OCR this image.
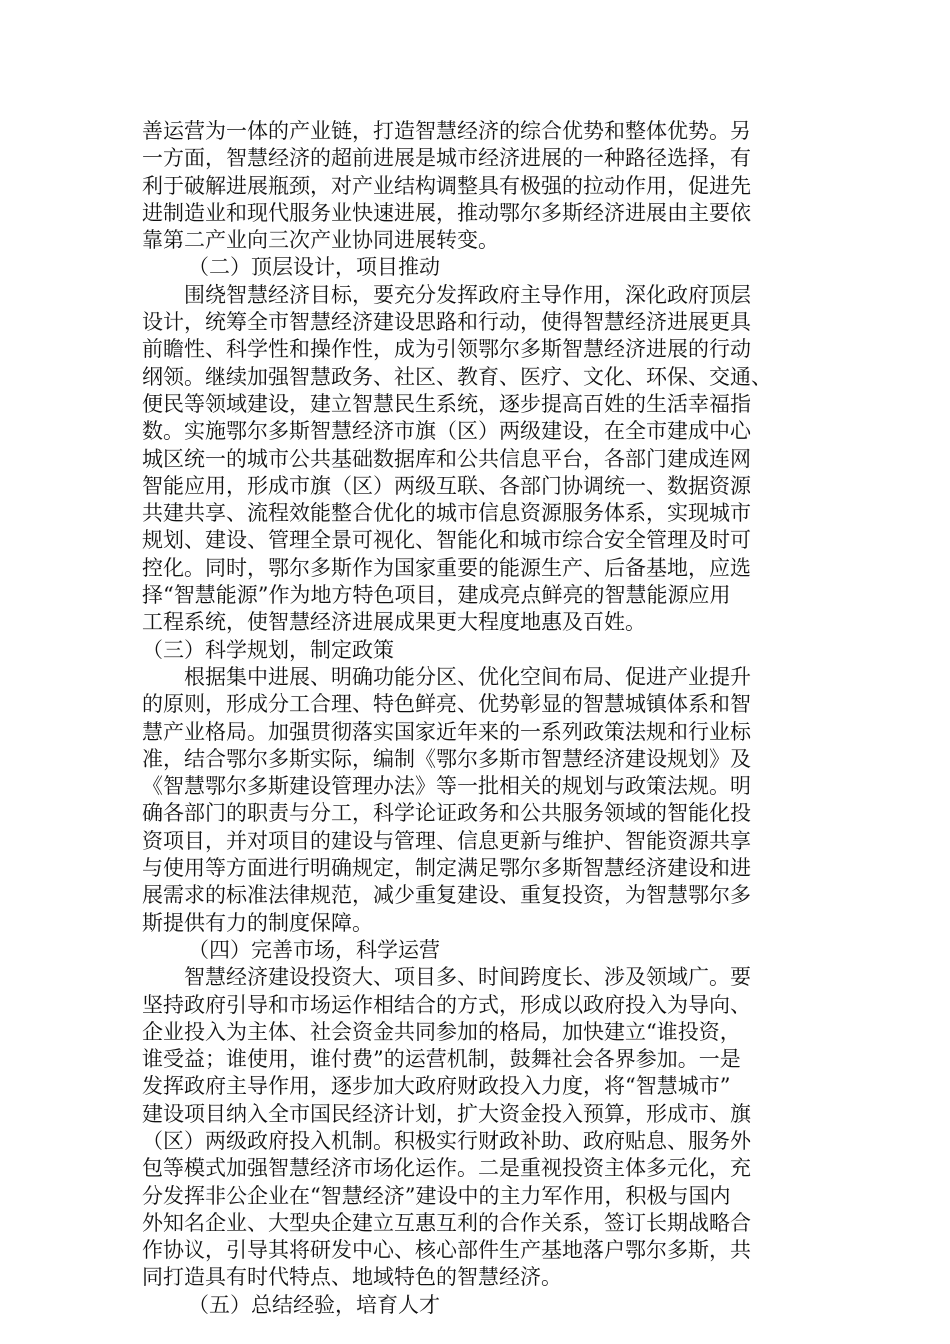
善运营为一体的产业链，打造智慧经济的综合优势和整体优势。另
一方面，智慧经济的超前进展是城市经济进展的一种路径选择，有
利于破解进展瓶颈，对产业结构调整具有极强的拉动作用，促进先
进制造业和现代服务业快速进展，推动鄂尔多斯经济进展由主要依
靠第二产业向三次产业协同进展转变。
（二）顶层设计，项目推动
围绕智慧经济目标，要充分发挥政府主导作用，深化政府顶层
设计，统筹全市智慧经济建设思路和行动，使得智慧经济进展更具
前瞻性、科学性和操作性，成为引领鄂尔多斯智慧经济进展的行动
纲领。继续加强智慧政务、社区、教育、医疗、文化、环保、交通、
便民等领域建设，建立智慧民生系统，逐步提高百姓的生活幸福指
数。实施鄂尔多斯智慧经济市旗（区）两级建设，在全市建成中心
城区统一的城市公共基础数据库和公共信息平台，各部门建成连网
智能应用，形成市旗（区）两级互联、各部门协调统一、数据资源
共建共享、流程效能整合优化的城市信息资源服务体系，实现城市
规划、建设、管理全景可视化、智能化和城市综合安全管理及时可
控化。同时，鄂尔多斯作为国家重要的能源生产、后备基地，应选
择“智慧能源”作为地方特色项目，建成亮点鲜亮的智慧能源应用
工程系统，使智慧经济进展成果更大程度地惠及百姓。
（三）科学规划，制定政策
根据集中进展、明确功能分区、优化空间布局、促进产业提升
的原则，形成分工合理、特色鲜亮、优势彰显的智慧城镇体系和智
慧产业格局。加强贯彻落实国家近年来的一系列政策法规和行业标
准，结合鄂尔多斯实际，编制《鄂尔多斯市智慧经济建设规划》及
《智慧鄂尔多斯建设管理办法》等一批相关的规划与政策法规。明
确各部门的职责与分工，科学论证政务和公共服务领域的智能化投
资项目，并对项目的建设与管理、信息更新与维护、智能资源共享
与使用等方面进行明确规定，制定满足鄂尔多斯智慧经济建设和进
展需求的标准法律规范，减少重复建设、重复投资，为智慧鄂尔多
斯提供有力的制度保障。
（四）完善市场，科学运营
智慧经济建设投资大、项目多、时间跨度长、涉及领域广。要
坚持政府引导和市场运作相结合的方式，形成以政府投入为导向、
企业投入为主体、社会资金共同参加的格局，加快建立“谁投资，
谁受益；谁使用，谁付费”的运营机制，鼓舞社会各界参加。一是
发挥政府主导作用，逐步加大政府财政投入力度，将“智慧城市”
建设项目纳入全市国民经济计划，扩大资金投入预算，形成市、旗
（区）两级政府投入机制。积极实行财政补助、政府贴息、服务外
包等模式加强智慧经济市场化运作。二是重视投资主体多元化，充
分发挥非公企业在“智慧经济”建设中的主力军作用，积极与国内
外知名企业、大型央企建立互惠互利的合作关系，签订长期战略合
作协议，引导其将研发中心、核心部件生产基地落户鄂尔多斯，共
同打造具有时代特点、地域特色的智慧经济。
（五）总结经验，培育人才
